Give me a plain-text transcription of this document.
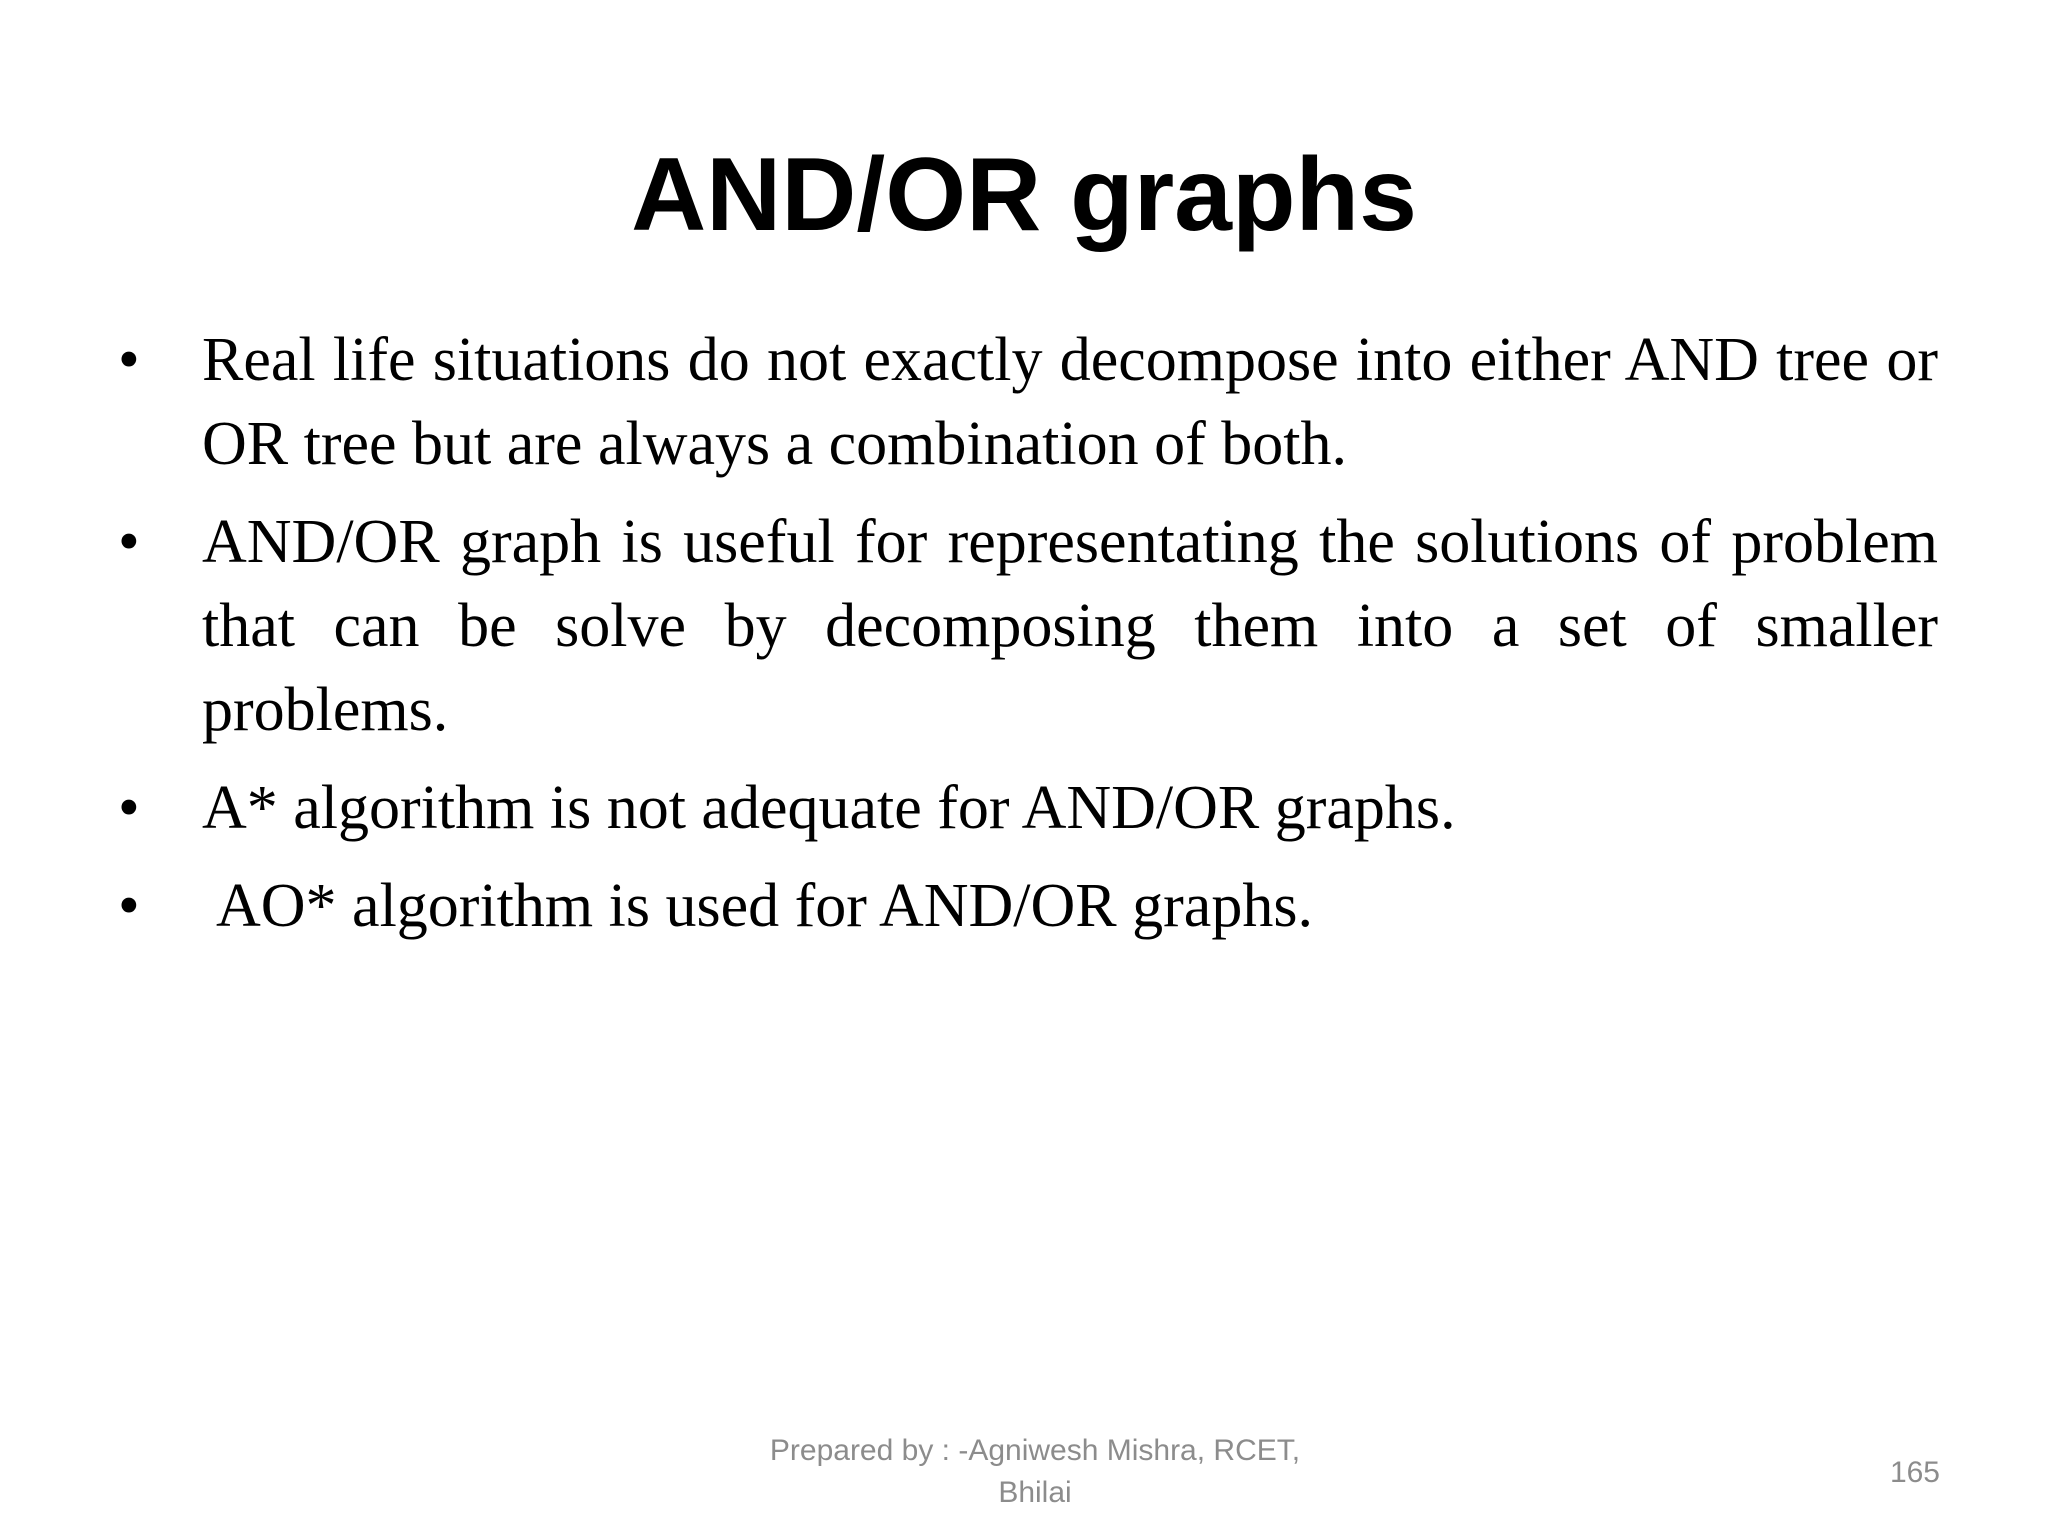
AND/OR graphs
• Real life situations do not exactly decompose into either AND tree or OR tree but are always a combination of both.
• AND/OR graph is useful for representating the solutions of problem that can be solve by decomposing them into a set of smaller problems.
• A* algorithm is not adequate for AND/OR graphs.
• AO* algorithm is used for AND/OR graphs.
Prepared by : -Agniwesh Mishra, RCET,
Bhilai
165
